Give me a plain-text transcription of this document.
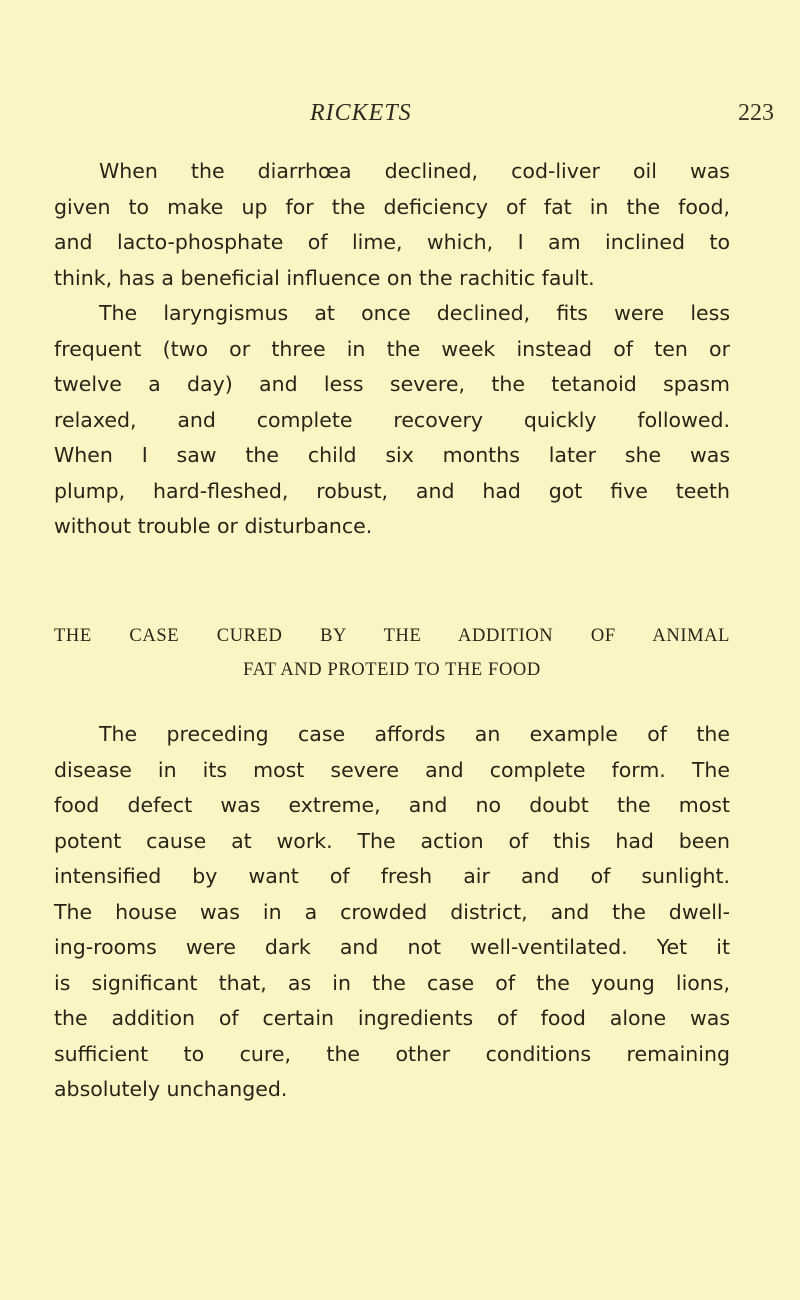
RICKETS	223
When the diarrhœa declined, cod-liver oil was
given to make up for the deficiency of fat in the food,
and lacto-phosphate of lime, which, I am inclined to
think, has a beneficial influence on the rachitic fault.
The laryngismus at once declined, fits were less
frequent (two or three in the week instead of ten or
twelve a day) and less severe, the tetanoid spasm
relaxed, and complete recovery quickly followed.
When I saw the child six months later she was
plump, hard-fleshed, robust, and had got five teeth
without trouble or disturbance.
THE CASE CURED BY THE ADDITION OF ANIMAL
FAT AND PROTEID TO THE FOOD
The preceding case affords an example of the
disease in its most severe and complete form. The
food defect was extreme, and no doubt the most
potent cause at work. The action of this had been
intensified by want of fresh air and of sunlight.
The house was in a crowded district, and the dwell-
ing-rooms were dark and not well-ventilated. Yet it
is significant that, as in the case of the young lions,
the addition of certain ingredients of food alone was
sufficient to cure, the other conditions remaining
absolutely unchanged.
